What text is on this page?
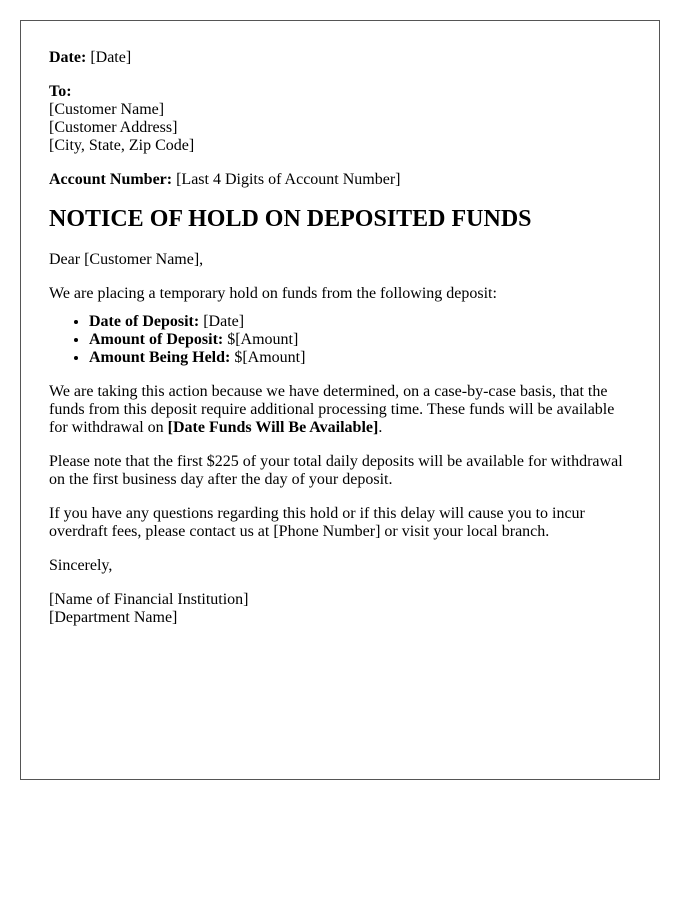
Date: [Date]

To:

[Customer Name]

[Customer Address]

[City, State, Zip Code]

Account Number: [Last 4 Digits of Account Number]

NOTICE OF HOLD ON DEPOSITED FUNDS

Dear [Customer Name],

We are placing a temporary hold on funds from the following deposit:

• Date of Deposit: [Date]
• Amount of Deposit: $[Amount]
• Amount Being Held: $[Amount]

We are taking this action because we have determined, on a case-by-case basis, that the funds from this deposit require additional processing time. These funds will be available for withdrawal on [Date Funds Will Be Available].

Please note that the first $225 of your total daily deposits will be available for withdrawal on the first business day after the day of your deposit.

If you have any questions regarding this hold or if this delay will cause you to incur overdraft fees, please contact us at [Phone Number] or visit your local branch.

Sincerely,

[Name of Financial Institution]

[Department Name]
